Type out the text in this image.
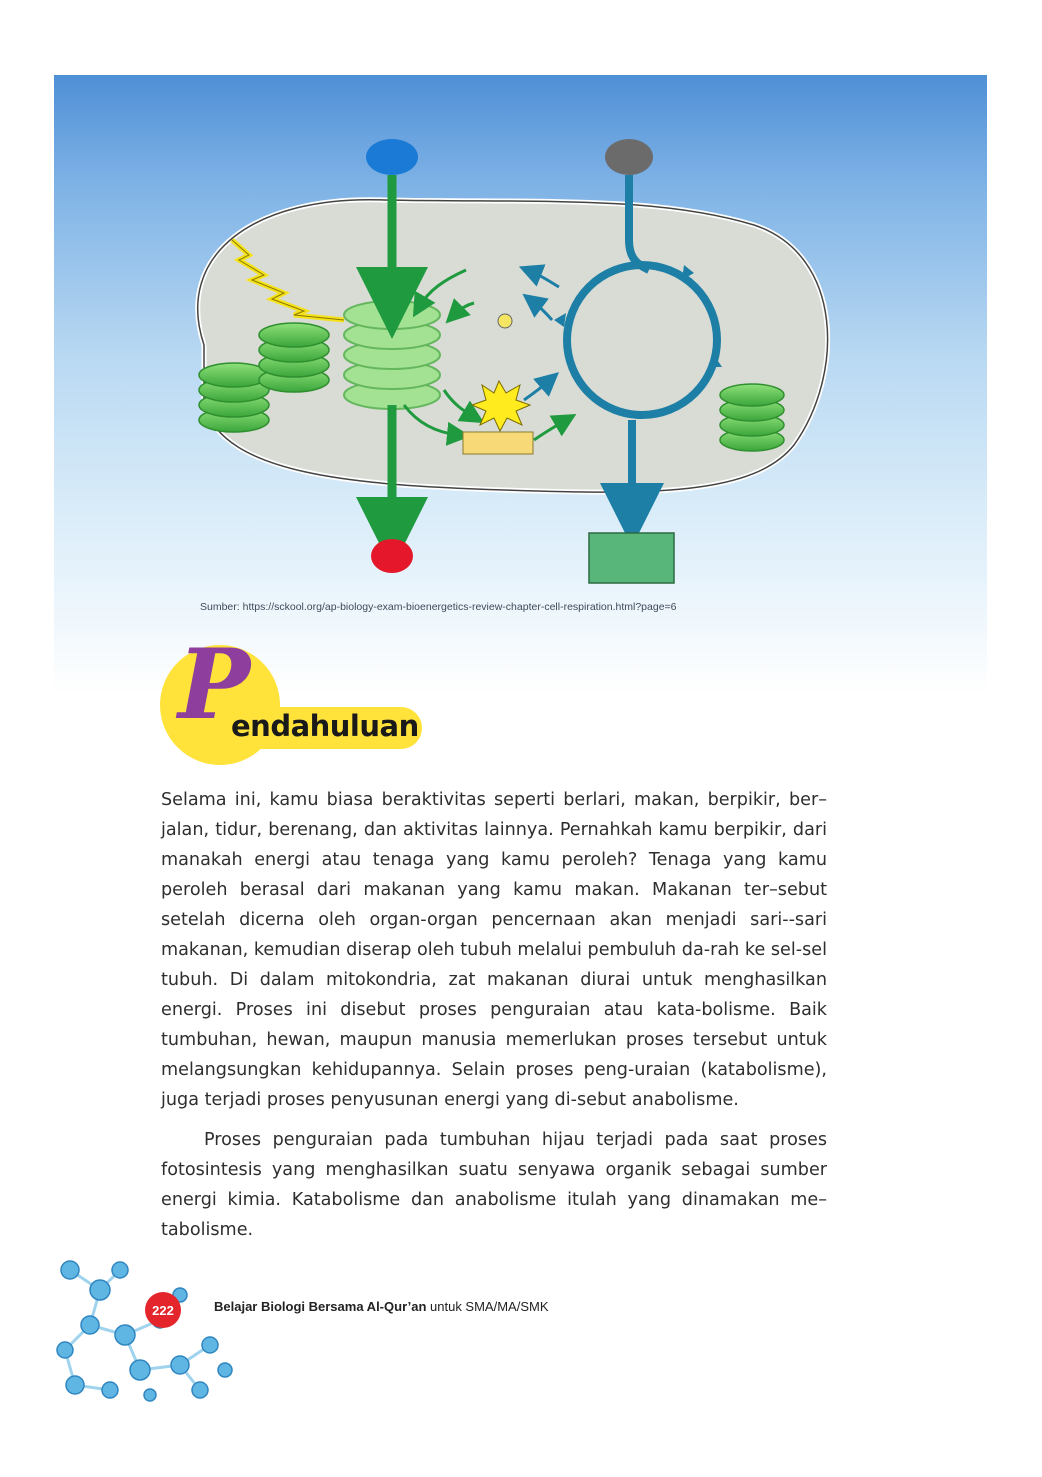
Sumber: https://sckool.org/ap-biology-exam-bioenergetics-review-chapter-cell-respiration.html?page=6
P
endahuluan

Selama ini, kamu biasa beraktivitas seperti berlari, makan, berpikir, ber–jalan, tidur, berenang, dan aktivitas lainnya. Pernahkah kamu berpikir, dari manakah energi atau tenaga yang kamu peroleh? Tenaga yang kamu peroleh berasal dari makanan yang kamu makan. Makanan ter–sebut setelah dicerna oleh organ-organ pencernaan akan menjadi sari--sari makanan, kemudian diserap oleh tubuh melalui pembuluh da-rah ke sel-sel tubuh. Di dalam mitokondria, zat makanan diurai untuk menghasilkan energi. Proses ini disebut proses penguraian atau kata-bolisme. Baik tumbuhan, hewan, maupun manusia memerlukan proses tersebut untuk melangsungkan kehidupannya. Selain proses peng-uraian (katabolisme), juga terjadi proses penyusunan energi yang di-sebut anabolisme.

Proses penguraian pada tumbuhan hijau terjadi pada saat proses fotosintesis yang menghasilkan suatu senyawa organik sebagai sumber energi kimia. Katabolisme dan anabolisme itulah yang dinamakan me–tabolisme.

222	Belajar Biologi Bersama Al-Qur’an untuk SMA/MA/SMK
